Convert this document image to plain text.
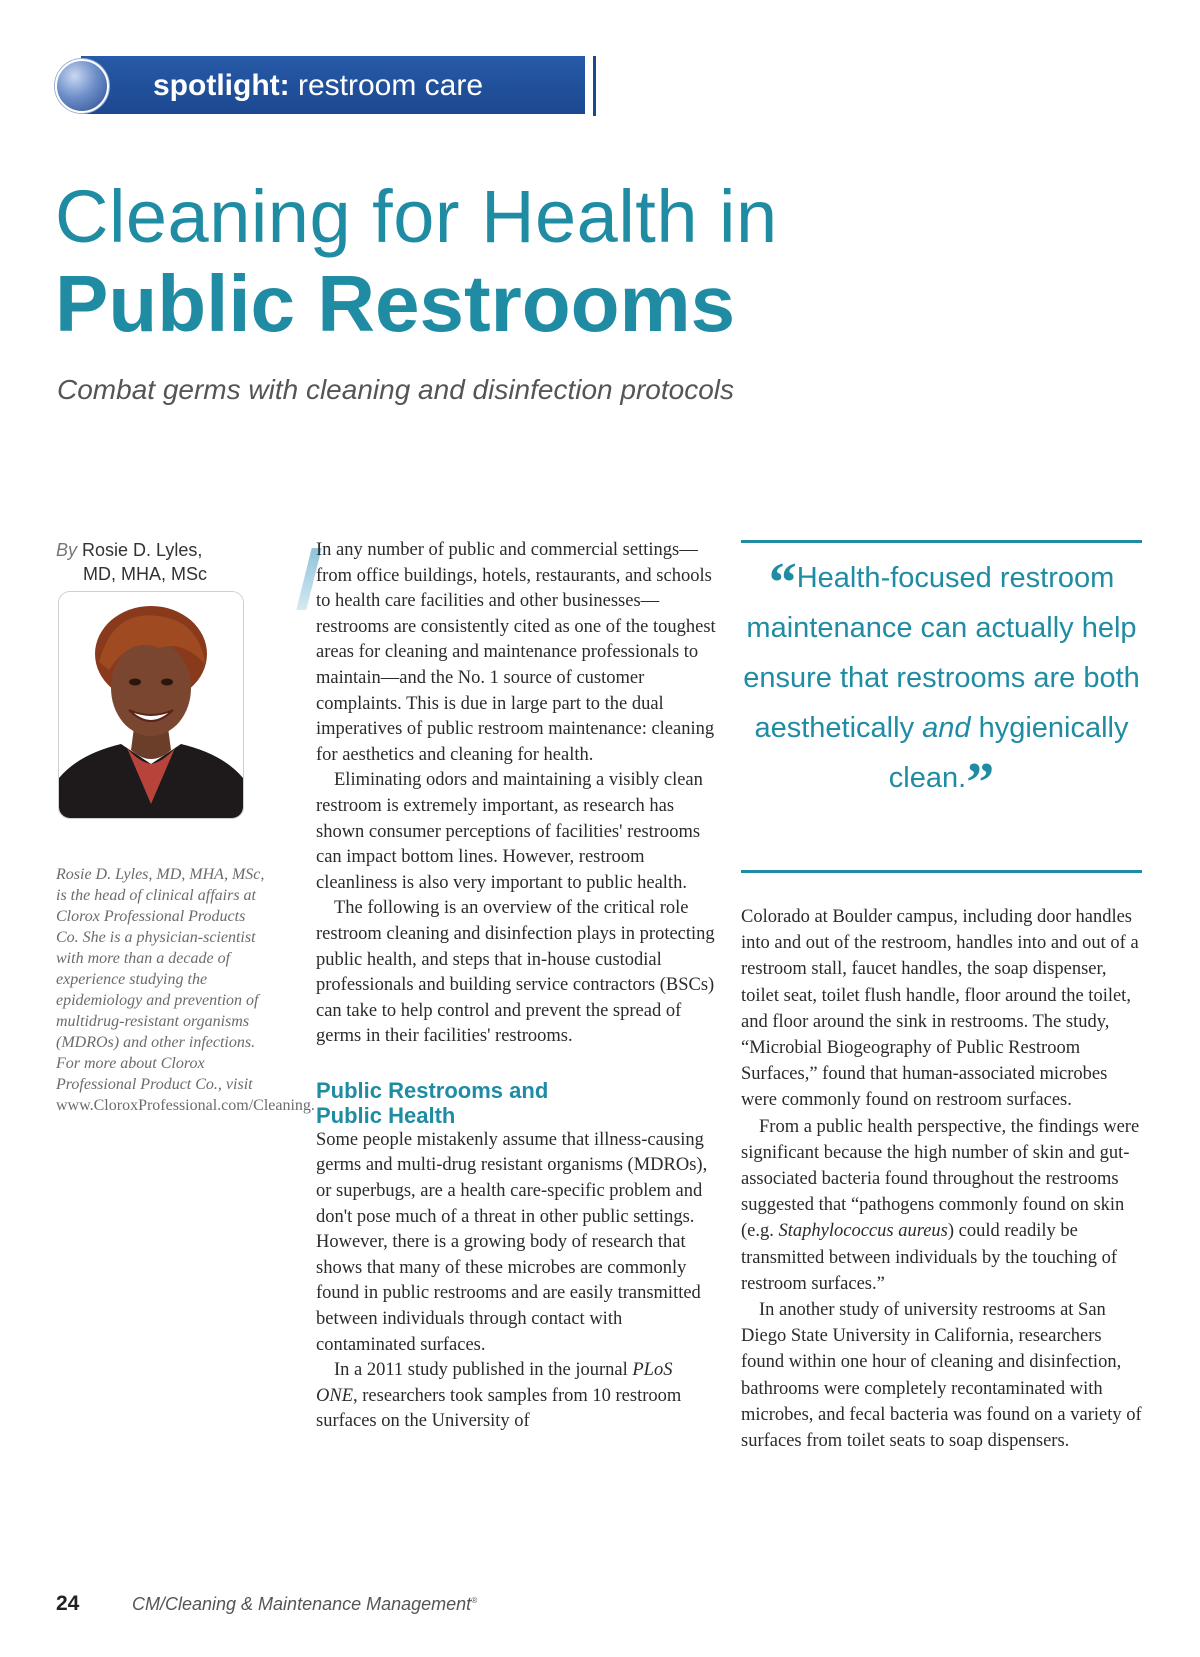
spotlight: restroom care
Cleaning for Health in
Public Restrooms

Combat germs with cleaning and disinfection protocols

By Rosie D. Lyles,
MD, MHA, MSc

Rosie D. Lyles, MD, MHA, MSc, is the head of clinical affairs at Clorox Professional Products Co. She is a physician-scientist with more than a decade of experience studying the epidemiology and prevention of multidrug-resistant organisms (MDROs) and other infections. For more about Clorox Professional Product Co., visit www.CloroxProfessional.com/Cleaning.

In any number of public and commercial settings—from office buildings, hotels, restaurants, and schools to health care facilities and other businesses—restrooms are consistently cited as one of the toughest areas for cleaning and maintenance professionals to maintain—and the No. 1 source of customer complaints. This is due in large part to the dual imperatives of public restroom maintenance: cleaning for aesthetics and cleaning for health.

Eliminating odors and maintaining a visibly clean restroom is extremely important, as research has shown consumer perceptions of facilities' restrooms can impact bottom lines. However, restroom cleanliness is also very important to public health.

The following is an overview of the critical role restroom cleaning and disinfection plays in protecting public health, and steps that in-house custodial professionals and building service contractors (BSCs) can take to help control and prevent the spread of germs in their facilities' restrooms.

Public Restrooms and
Public Health

Some people mistakenly assume that illness-causing germs and multi-drug resistant organisms (MDROs), or superbugs, are a health care-specific problem and don't pose much of a threat in other public settings. However, there is a growing body of research that shows that many of these microbes are commonly found in public restrooms and are easily transmitted between individuals through contact with contaminated surfaces.

In a 2011 study published in the journal PLoS ONE, researchers took samples from 10 restroom surfaces on the University of

“Health-focused restroom maintenance can actually help ensure that restrooms are both aesthetically and hygienically clean.”

Colorado at Boulder campus, including door handles into and out of the restroom, handles into and out of a restroom stall, faucet handles, the soap dispenser, toilet seat, toilet flush handle, floor around the toilet, and floor around the sink in restrooms. The study, “Microbial Biogeography of Public Restroom Surfaces,” found that human-associated microbes were commonly found on restroom surfaces.

From a public health perspective, the findings were significant because the high number of skin and gut-associated bacteria found throughout the restrooms suggested that “pathogens commonly found on skin (e.g. Staphylococcus aureus) could readily be transmitted between individuals by the touching of restroom surfaces.”

In another study of university restrooms at San Diego State University in California, researchers found within one hour of cleaning and disinfection, bathrooms were completely recontaminated with microbes, and fecal bacteria was found on a variety of surfaces from toilet seats to soap dispensers.

24	CM/Cleaning & Maintenance Management®
